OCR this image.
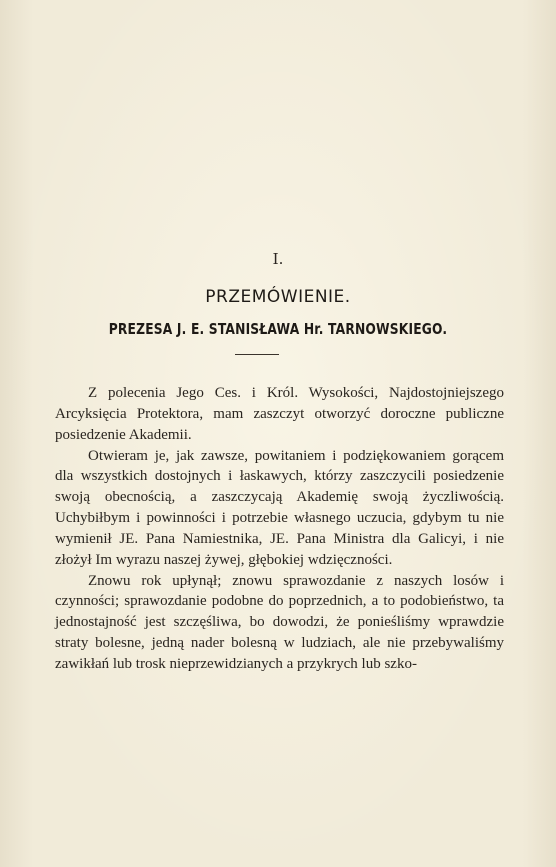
I.
PRZEMÓWIENIE.
PREZESA J. E. STANISŁAWA Hr. TARNOWSKIEGO.

Z polecenia Jego Ces. i Król. Wysokości, Najdostojniejszego Arcyksięcia Protektora, mam zaszczyt otworzyć doroczne publiczne posiedzenie Akademii.

Otwieram je, jak zawsze, powitaniem i podziękowaniem gorącem dla wszystkich dostojnych i łaskawych, którzy zaszczycili posiedzenie swoją obecnością, a zaszczycają Akademię swoją życzliwością. Uchybiłbym i powinności i potrzebie własnego uczucia, gdybym tu nie wymienił JE. Pana Namiestnika, JE. Pana Ministra dla Galicyi, i nie złożył Im wyrazu naszej żywej, głębokiej wdzięczności.

Znowu rok upłynął; znowu sprawozdanie z naszych losów i czynności; sprawozdanie podobne do poprzednich, a to podobieństwo, ta jednostajność jest szczęśliwa, bo dowodzi, że ponieśliśmy wprawdzie straty bolesne, jedną nader bolesną w ludziach, ale nie przebywaliśmy zawikłań lub trosk nieprzewidzianych a przykrych lub szko-
